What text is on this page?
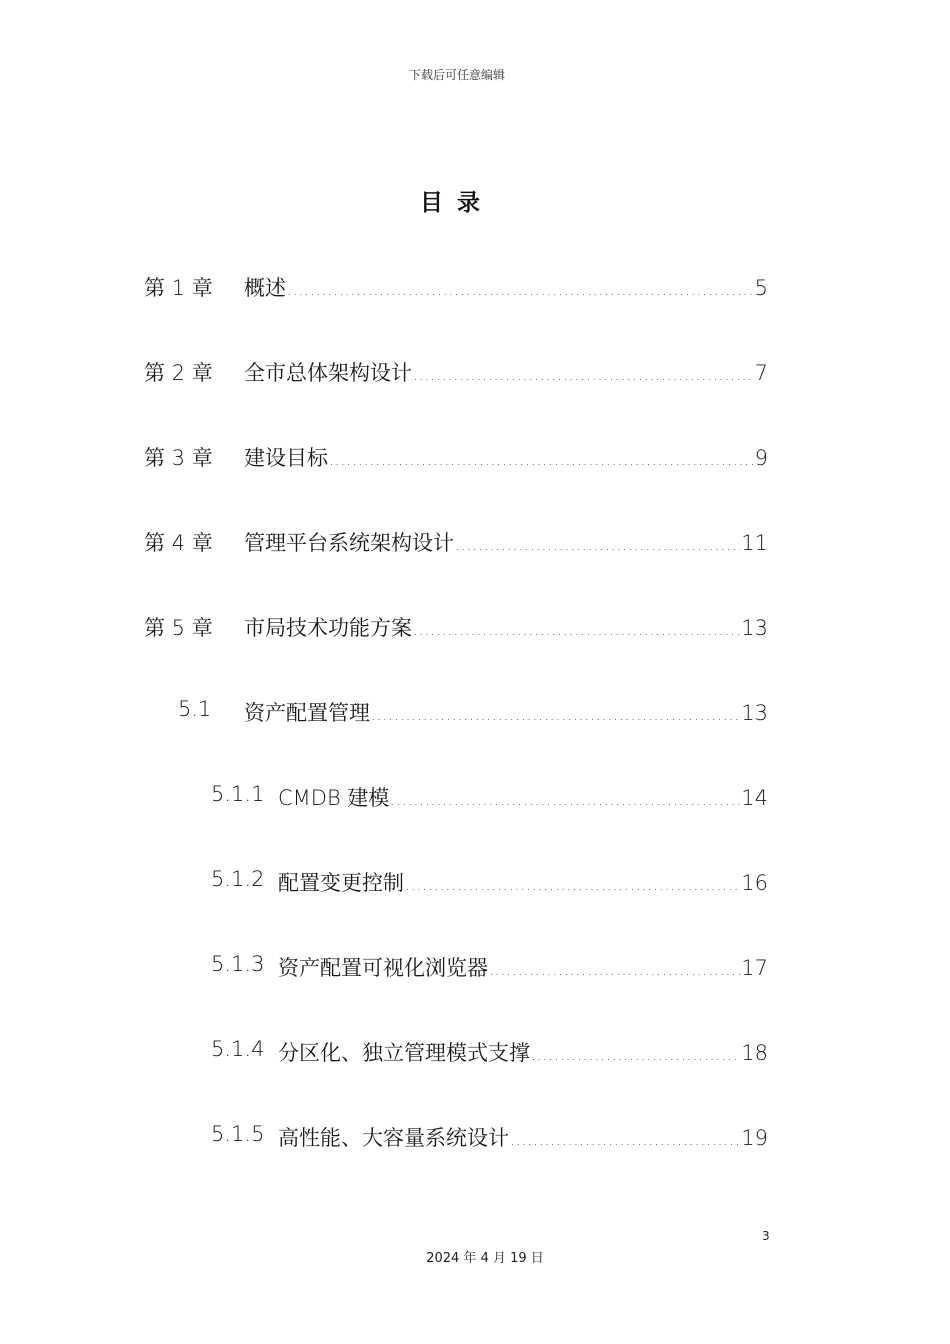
下载后可任意编辑
目录
第 1 章 概述 .....	5
第 2 章 全市总体架构设计 .....	7
第 3 章 建设目标 .....	9
第 4 章 管理平台系统架构设计 .....	11
第 5 章 市局技术功能方案 .....	13
5.1 资产配置管理 .....	13
5.1.1 CMDB 建模 .....	14
5.1.2 配置变更控制 .....	16
5.1.3 资产配置可视化浏览器 .....	17
5.1.4 分区化、独立管理模式支撑 .....	18
5.1.5 高性能、大容量系统设计 .....	19
3
2024 年 4 月 19 日
